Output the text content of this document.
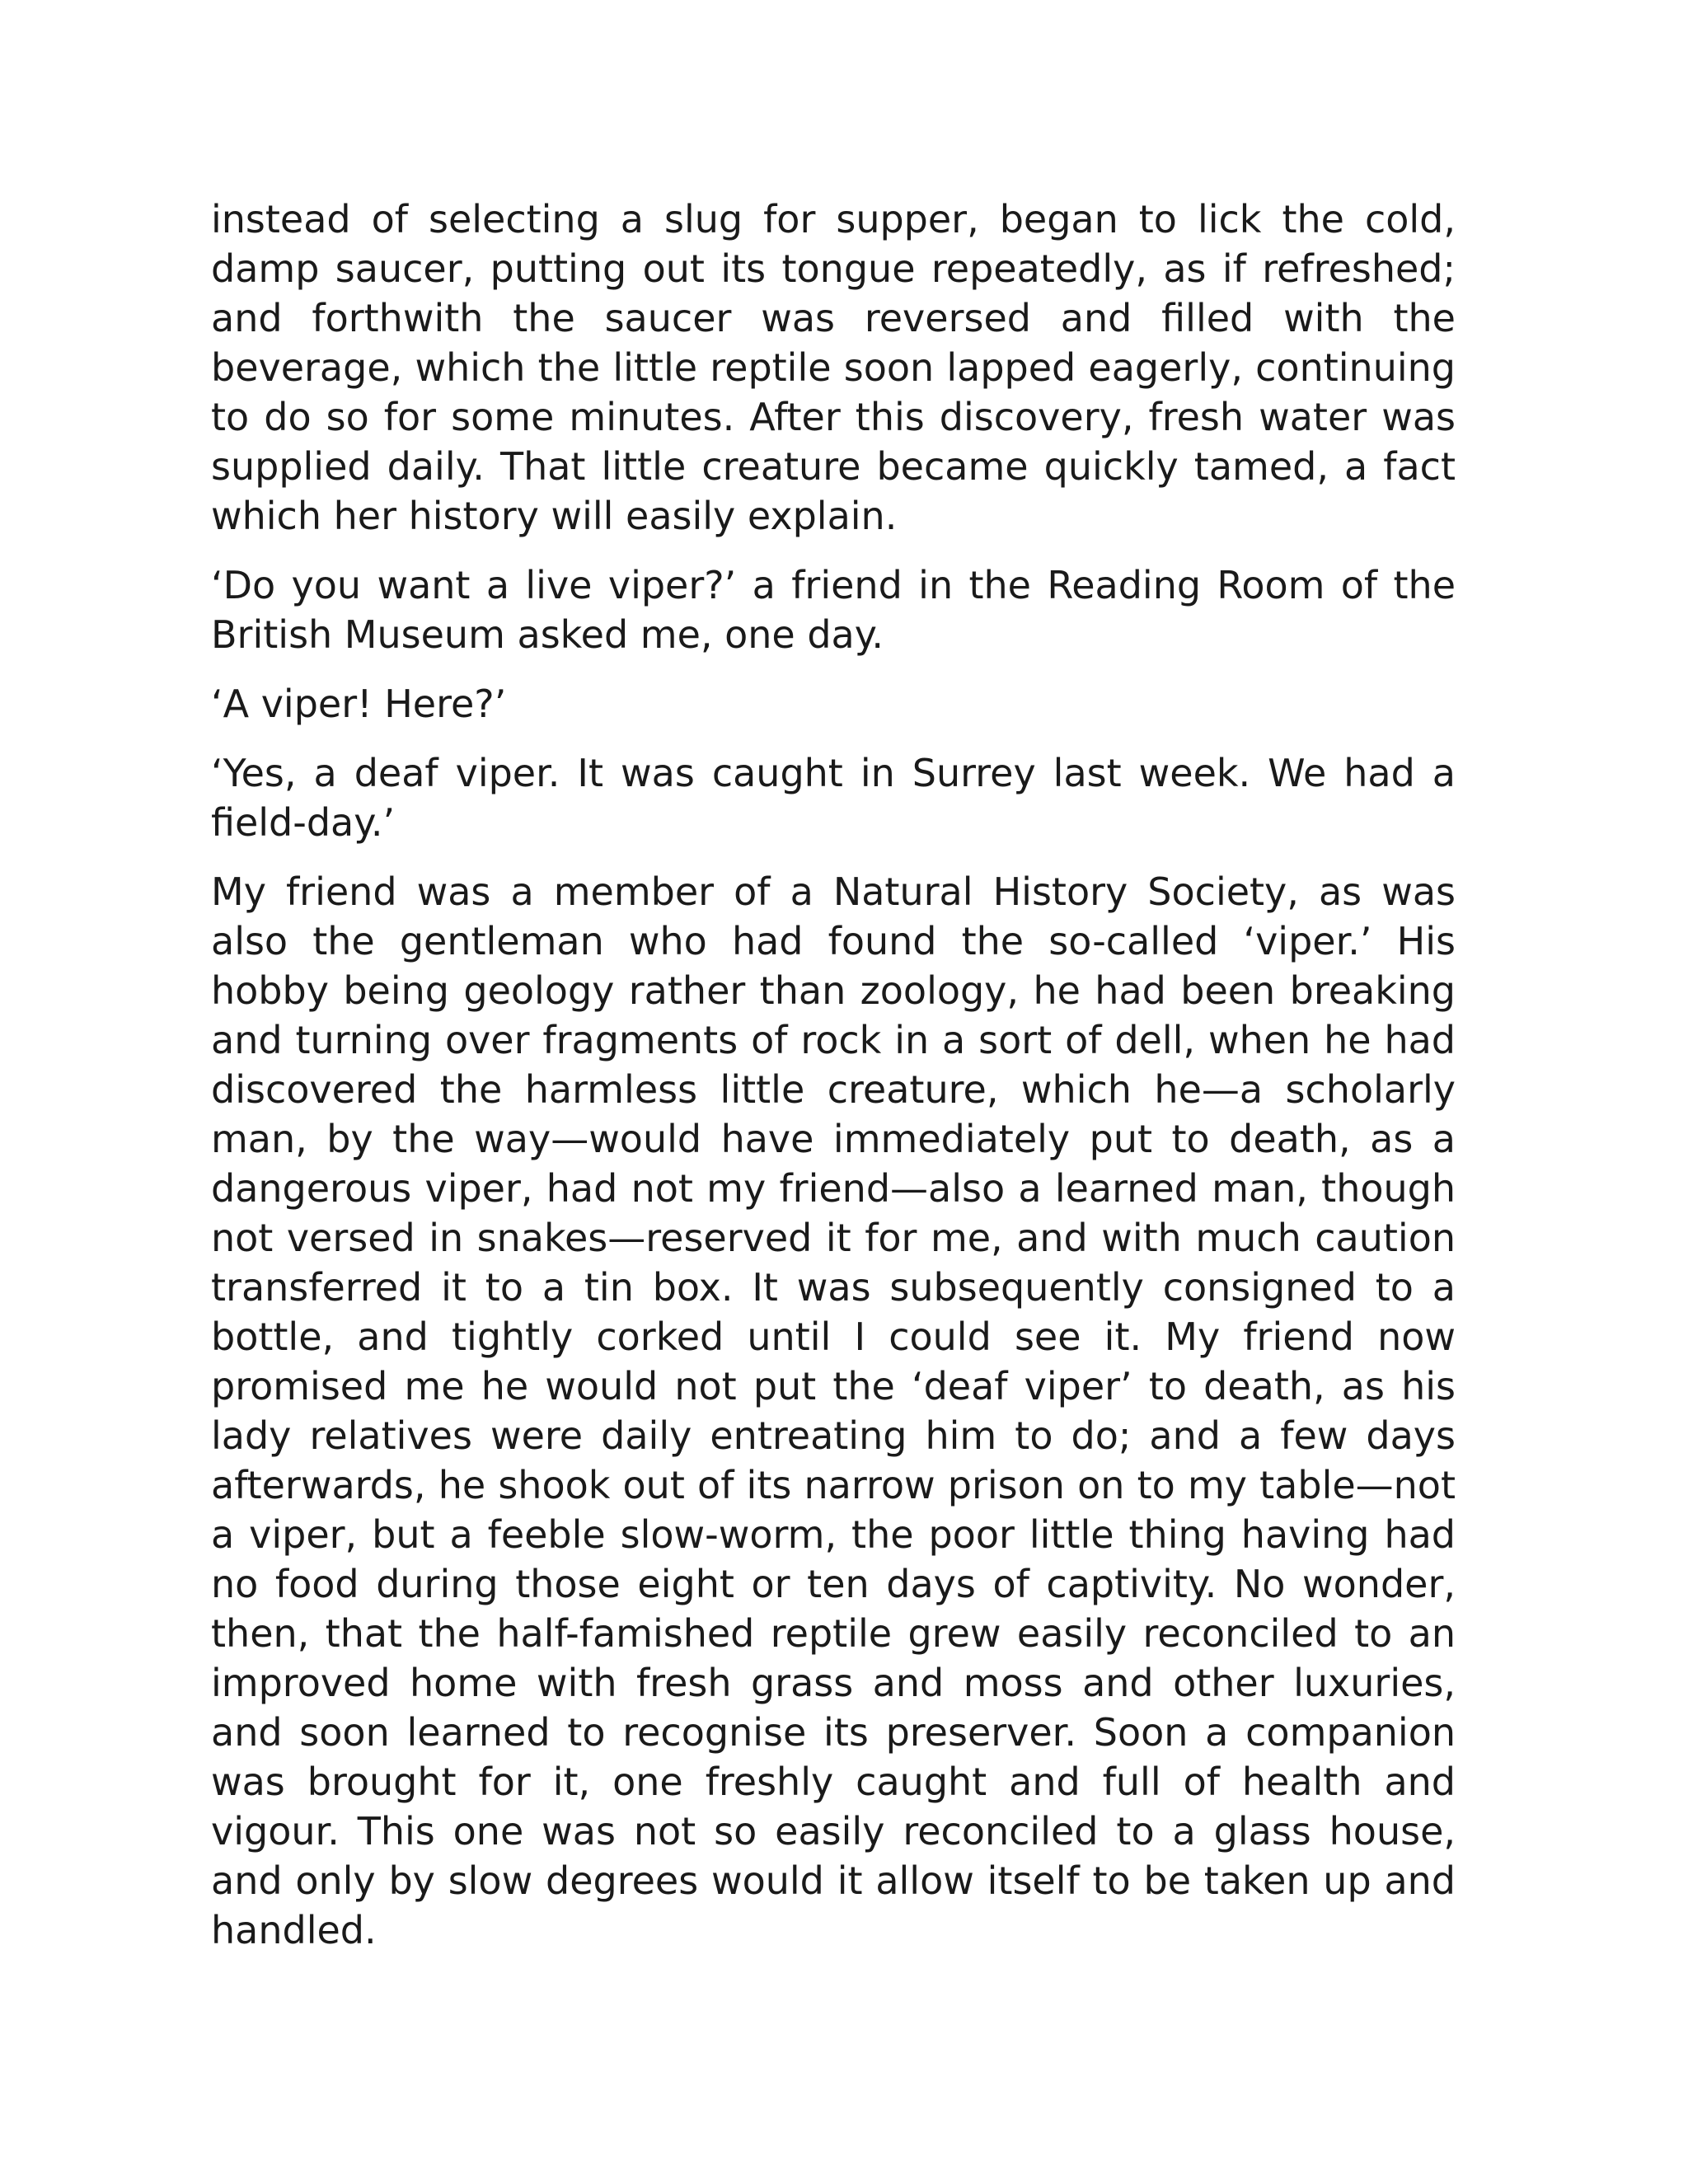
instead of selecting a slug for supper, began to lick the cold, damp saucer, putting out its tongue repeatedly, as if refreshed; and forthwith the saucer was reversed and filled with the beverage, which the little reptile soon lapped eagerly, continuing to do so for some minutes. After this discovery, fresh water was supplied daily. That little creature became quickly tamed, a fact which her history will easily explain.

‘Do you want a live viper?’ a friend in the Reading Room of the British Museum asked me, one day.

‘A viper! Here?’

‘Yes, a deaf viper. It was caught in Surrey last week. We had a field-day.’

My friend was a member of a Natural History Society, as was also the gentleman who had found the so-called ‘viper.’ His hobby being geology rather than zoology, he had been breaking and turning over fragments of rock in a sort of dell, when he had discovered the harmless little creature, which he—a scholarly man, by the way—would have immediately put to death, as a dangerous viper, had not my friend—also a learned man, though not versed in snakes—reserved it for me, and with much caution transferred it to a tin box. It was subsequently consigned to a bottle, and tightly corked until I could see it. My friend now promised me he would not put the ‘deaf viper’ to death, as his lady relatives were daily entreating him to do; and a few days afterwards, he shook out of its narrow prison on to my table—not a viper, but a feeble slow-worm, the poor little thing having had no food during those eight or ten days of captivity. No wonder, then, that the half-famished reptile grew easily reconciled to an improved home with fresh grass and moss and other luxuries, and soon learned to recognise its preserver. Soon a companion was brought for it, one freshly caught and full of health and vigour. This one was not so easily reconciled to a glass house, and only by slow degrees would it allow itself to be taken up and handled.
